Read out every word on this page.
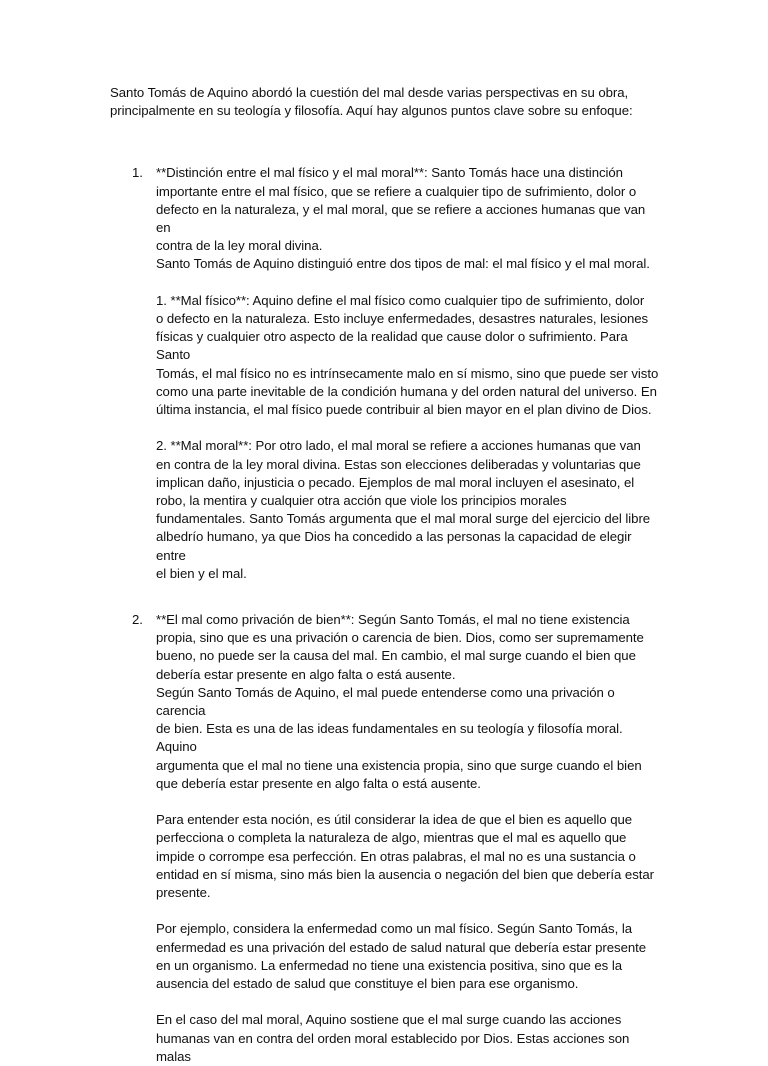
Santo Tomás de Aquino abordó la cuestión del mal desde varias perspectivas en su obra,

principalmente en su teología y filosofía. Aquí hay algunos puntos clave sobre su enfoque:

1. **Distinción entre el mal físico y el mal moral**: Santo Tomás hace una distinción

importante entre el mal físico, que se refiere a cualquier tipo de sufrimiento, dolor o

defecto en la naturaleza, y el mal moral, que se refiere a acciones humanas que van en

contra de la ley moral divina.

Santo Tomás de Aquino distinguió entre dos tipos de mal: el mal físico y el mal moral.

1. **Mal físico**: Aquino define el mal físico como cualquier tipo de sufrimiento, dolor

o defecto en la naturaleza. Esto incluye enfermedades, desastres naturales, lesiones

físicas y cualquier otro aspecto de la realidad que cause dolor o sufrimiento. Para Santo

Tomás, el mal físico no es intrínsecamente malo en sí mismo, sino que puede ser visto

como una parte inevitable de la condición humana y del orden natural del universo. En

última instancia, el mal físico puede contribuir al bien mayor en el plan divino de Dios.

2. **Mal moral**: Por otro lado, el mal moral se refiere a acciones humanas que van

en contra de la ley moral divina. Estas son elecciones deliberadas y voluntarias que

implican daño, injusticia o pecado. Ejemplos de mal moral incluyen el asesinato, el

robo, la mentira y cualquier otra acción que viole los principios morales

fundamentales. Santo Tomás argumenta que el mal moral surge del ejercicio del libre

albedrío humano, ya que Dios ha concedido a las personas la capacidad de elegir entre

el bien y el mal.

2. **El mal como privación de bien**: Según Santo Tomás, el mal no tiene existencia

propia, sino que es una privación o carencia de bien. Dios, como ser supremamente

bueno, no puede ser la causa del mal. En cambio, el mal surge cuando el bien que

debería estar presente en algo falta o está ausente.

Según Santo Tomás de Aquino, el mal puede entenderse como una privación o carencia

de bien. Esta es una de las ideas fundamentales en su teología y filosofía moral. Aquino

argumenta que el mal no tiene una existencia propia, sino que surge cuando el bien

que debería estar presente en algo falta o está ausente.

Para entender esta noción, es útil considerar la idea de que el bien es aquello que

perfecciona o completa la naturaleza de algo, mientras que el mal es aquello que

impide o corrompe esa perfección. En otras palabras, el mal no es una sustancia o

entidad en sí misma, sino más bien la ausencia o negación del bien que debería estar

presente.

Por ejemplo, considera la enfermedad como un mal físico. Según Santo Tomás, la

enfermedad es una privación del estado de salud natural que debería estar presente

en un organismo. La enfermedad no tiene una existencia positiva, sino que es la

ausencia del estado de salud que constituye el bien para ese organismo.

En el caso del mal moral, Aquino sostiene que el mal surge cuando las acciones

humanas van en contra del orden moral establecido por Dios. Estas acciones son malas
